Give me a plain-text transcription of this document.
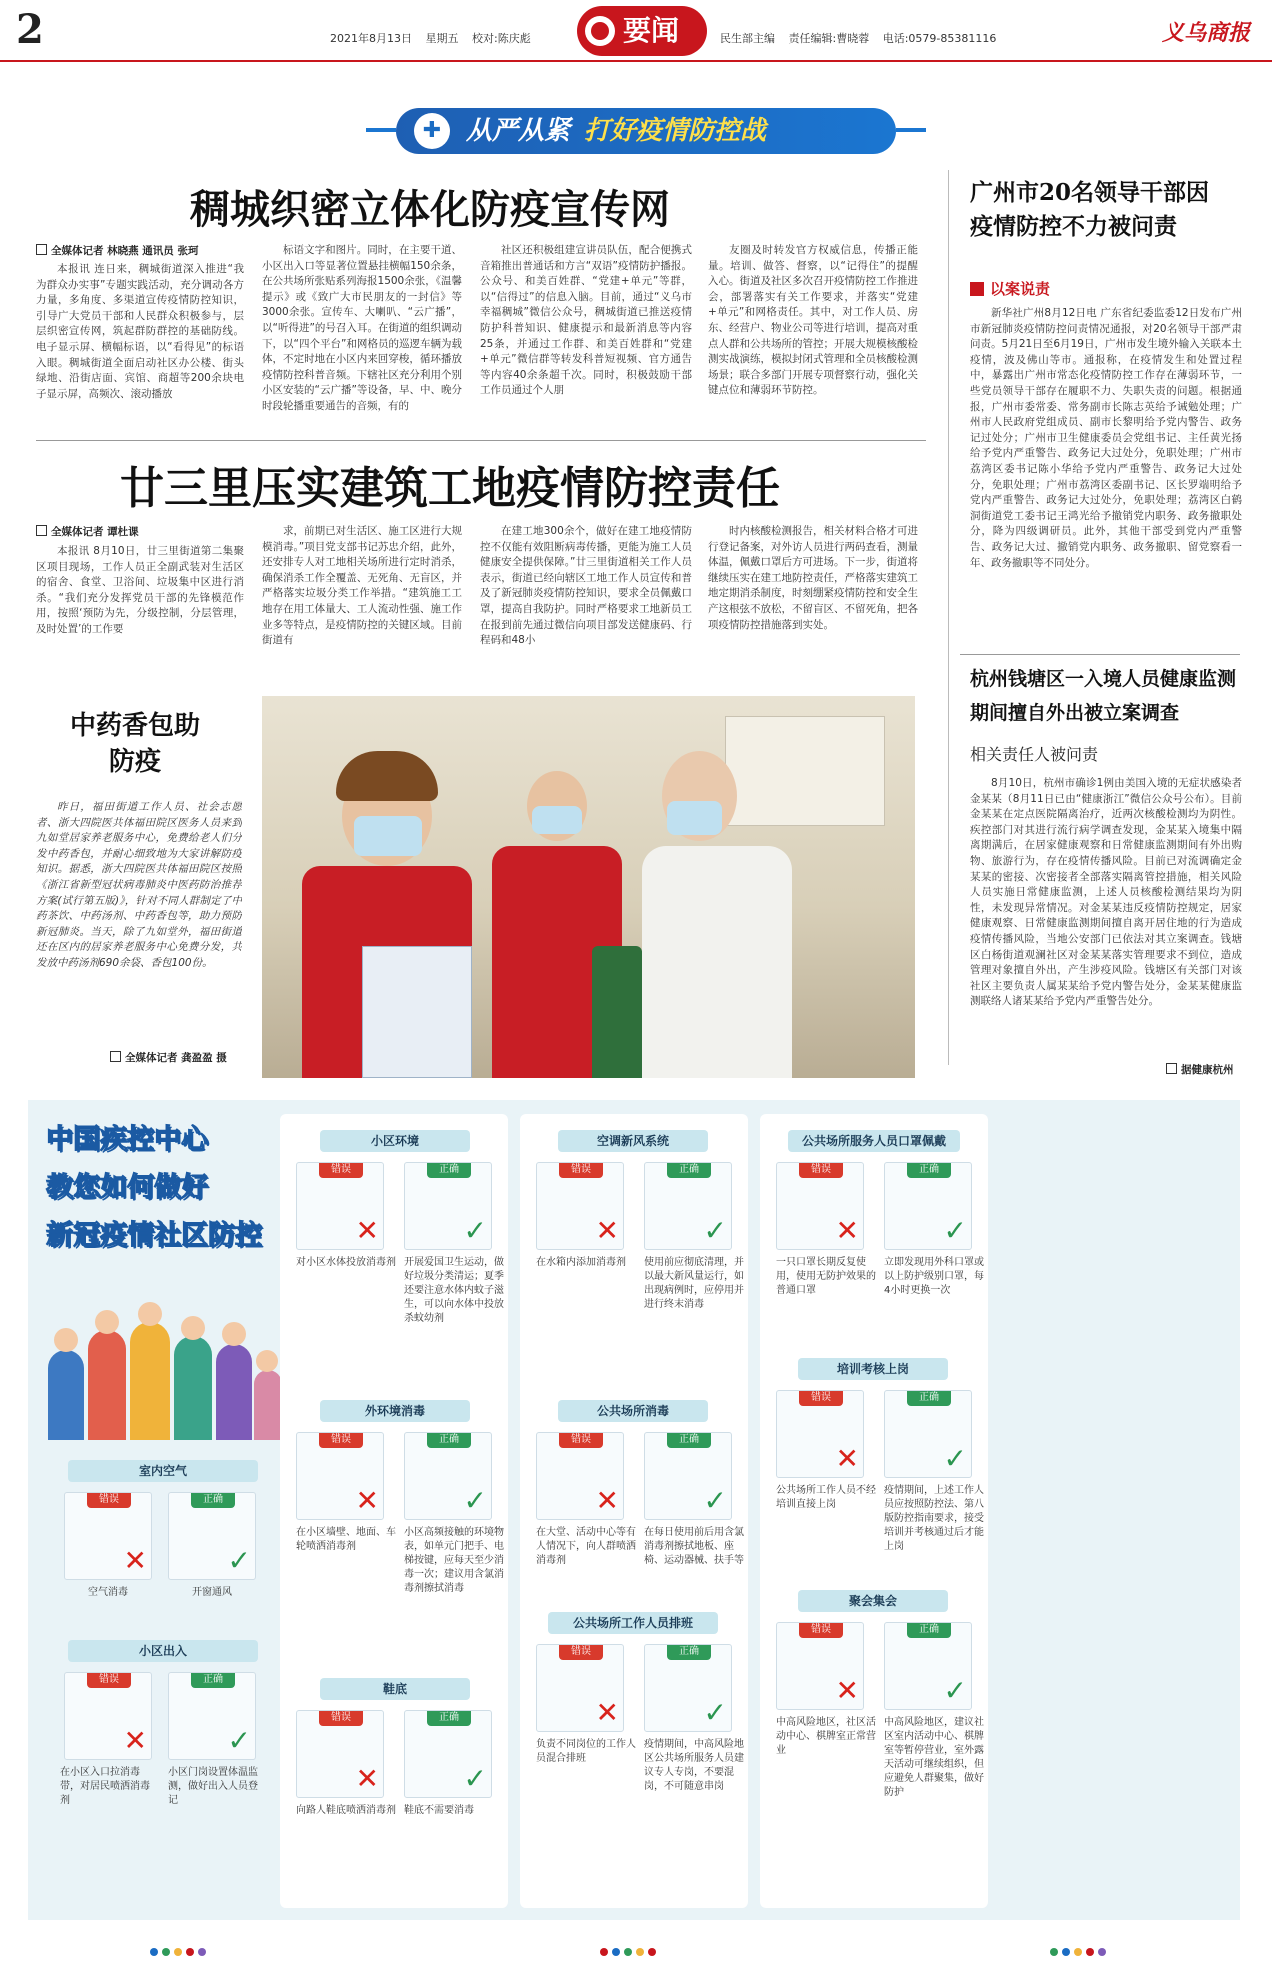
2	2021年8月13日 星期五 校对:陈庆彪	要闻	民生部主编 责任编辑:曹晓蓉 电话:0579-85381116	义乌商报
✚ 从严从紧 打好疫情防控战
稠城织密立体化防疫宣传网
全媒体记者 林晓燕 通讯员 张珂

本报讯 连日来，稠城街道深入推进“我为群众办实事”专题实践活动，充分调动各方力量，多角度、多渠道宣传疫情防控知识，引导广大党员干部和人民群众积极参与，层层织密宣传网，筑起群防群控的基础防线。电子显示屏、横幅标语，以“看得见”的标语入眼。稠城街道全面启动社区办公楼、街头绿地、沿街店面、宾馆、商超等200余块电子显示屏，高频次、滚动播放

标语文字和图片。同时，在主要干道、小区出入口等显著位置悬挂横幅150余条，在公共场所张贴系列海报1500余张，《温馨提示》或《致广大市民朋友的一封信》等3000余张。宣传车、大喇叭、“云广播”，以“听得进”的号召入耳。在街道的组织调动下，以“四个平台”和网格员的巡逻车辆为载体，不定时地在小区内来回穿梭，循环播放疫情防控科普音频。下辖社区充分利用个别小区安装的“云广播”等设备，早、中、晚分时段轮播重要通告的音频，有的

社区还积极组建宣讲员队伍，配合便携式音箱推出普通话和方言“双语”疫情防护播报。公众号、和美百姓群、“党建+单元”等群，以“信得过”的信息入脑。目前，通过“义乌市幸福稠城”微信公众号，稠城街道已推送疫情防护科普知识、健康提示和最新消息等内容25条，并通过工作群、和美百姓群和“党建+单元”微信群等转发科普短视频、官方通告等内容40余条超千次。同时，积极鼓励干部工作员通过个人朋

友圈及时转发官方权威信息，传播正能量。培训、做答、督察，以“记得住”的提醒入心。街道及社区多次召开疫情防控工作推进会，部署落实有关工作要求，并落实“党建+单元”和网格责任。其中，对工作人员、房东、经营户、物业公司等进行培训，提高对重点人群和公共场所的管控；开展大规模核酸检测实战演练，模拟封闭式管理和全员核酸检测场景；联合多部门开展专项督察行动，强化关键点位和薄弱环节防控。

廿三里压实建筑工地疫情防控责任
全媒体记者 谭杜课

本报讯 8月10日，廿三里街道第二集聚区项目现场，工作人员正全副武装对生活区的宿舍、食堂、卫浴间、垃圾集中区进行消杀。“我们充分发挥党员干部的先锋模范作用，按照‘预防为先，分级控制，分层管理，及时处置’的工作要

求，前期已对生活区、施工区进行大规模消毒。”项目党支部书记苏忠介绍，此外，还安排专人对工地相关场所进行定时消杀，确保消杀工作全覆盖、无死角、无盲区，并严格落实垃圾分类工作举措。“建筑施工工地存在用工体量大、工人流动性强、施工作业多等特点，是疫情防控的关键区域。目前街道有

在建工地300余个，做好在建工地疫情防控不仅能有效阻断病毒传播，更能为施工人员健康安全提供保障。”廿三里街道相关工作人员表示，街道已经向辖区工地工作人员宣传和普及了新冠肺炎疫情防控知识，要求全员佩戴口罩，提高自我防护。同时严格要求工地新员工在报到前先通过微信向项目部发送健康码、行程码和48小

时内核酸检测报告，相关材料合格才可进行登记备案，对外访人员进行两码查看，测量体温，佩戴口罩后方可进场。下一步，街道将继续压实在建工地防控责任，严格落实建筑工地定期消杀制度，时刻绷紧疫情防控和安全生产这根弦不放松，不留盲区、不留死角，把各项疫情防控措施落到实处。

中药香包助防疫

昨日，福田街道工作人员、社会志愿者、浙大四院医共体福田院区医务人员来到九如堂居家养老服务中心，免费给老人们分发中药香包，并耐心细致地为大家讲解防疫知识。据悉，浙大四院医共体福田院区按照《浙江省新型冠状病毒肺炎中医药防治推荐方案(试行第五版)》，针对不同人群制定了中药茶饮、中药汤剂、中药香包等，助力预防新冠肺炎。当天，除了九如堂外，福田街道还在区内的居家养老服务中心免费分发，共发放中药汤剂690余袋、香包100份。

全媒体记者 龚盈盈 摄
广州市20名领导干部因疫情防控不力被问责
以案说责

新华社广州8月12日电 广东省纪委监委12日发布广州市新冠肺炎疫情防控问责情况通报，对20名领导干部严肃问责。5月21日至6月19日，广州市发生境外输入关联本土疫情，波及佛山等市。通报称，在疫情发生和处置过程中，暴露出广州市常态化疫情防控工作存在薄弱环节，一些党员领导干部存在履职不力、失职失责的问题。根据通报，广州市委常委、常务副市长陈志英给予诫勉处理；广州市人民政府党组成员、副市长黎明给予党内警告、政务记过处分；广州市卫生健康委员会党组书记、主任黄光扬给予党内严重警告、政务记大过处分，免职处理；广州市荔湾区委书记陈小华给予党内严重警告、政务记大过处分，免职处理；广州市荔湾区委副书记、区长罗端明给予党内严重警告、政务记大过处分，免职处理；荔湾区白鹤洞街道党工委书记王鸿光给予撤销党内职务、政务撤职处分，降为四级调研员。此外，其他干部受到党内严重警告、政务记大过、撤销党内职务、政务撤职、留党察看一年、政务撤职等不同处分。

杭州钱塘区一入境人员健康监测期间擅自外出被立案调查
相关责任人被问责

8月10日，杭州市确诊1例由美国入境的无症状感染者金某某（8月11日已由“健康浙江”微信公众号公布）。目前金某某在定点医院隔离治疗，近两次核酸检测均为阴性。疾控部门对其进行流行病学调查发现，金某某入境集中隔离期满后，在居家健康观察和日常健康监测期间有外出购物、旅游行为，存在疫情传播风险。目前已对流调确定金某某的密接、次密接者全部落实隔离管控措施，相关风险人员实施日常健康监测，上述人员核酸检测结果均为阴性，未发现异常情况。对金某某违反疫情防控规定，居家健康观察、日常健康监测期间擅自离开居住地的行为造成疫情传播风险，当地公安部门已依法对其立案调查。钱塘区白杨街道观澜社区对金某某落实管理要求不到位，造成管理对象擅自外出，产生涉疫风险。钱塘区有关部门对该社区主要负责人属某某给予党内警告处分，金某某健康监测联络人诸某某给予党内严重警告处分。

据健康杭州
中国疾控中心
教您如何做好
新冠疫情社区防控
室内空气
错误
✕
正确
✓
空气消毒	开窗通风
小区出入
错误
✕
正确
✓
在小区入口拉消毒带，对居民喷洒消毒剂
小区门岗设置体温监测，做好出入人员登记
小区环境
错误
✕
正确
✓
对小区水体投放消毒剂 开展爱国卫生运动，做好垃圾分类清运；夏季还要注意水体内蚊子滋生，可以向水体中投放杀蚊幼剂
外环境消毒
错误
✕
正确
✓
在小区墙壁、地面、车轮喷洒消毒剂
小区高频接触的环境物表，如单元门把手、电梯按键，应每天至少消毒一次；建议用含氯消毒剂擦拭消毒
鞋底
错误
✕
正确
✓
向路人鞋底喷洒消毒剂 鞋底不需要消毒
空调新风系统
错误
✕
正确
✓
在水箱内添加消毒剂	使用前应彻底清理，并以最大新风量运行，如出现病例时，应停用并进行终末消毒
公共场所消毒
错误
✕
正确
✓
在大堂、活动中心等有人情况下，向人群喷洒消毒剂
在每日使用前后用含氯消毒剂擦拭地板、座椅、运动器械、扶手等
公共场所工作人员排班
错误
✕
正确
✓
负责不同岗位的工作人员混合排班
疫情期间，中高风险地区公共场所服务人员建议专人专岗，不要混岗，不可随意串岗
公共场所服务人员口罩佩戴
错误
✕
正确
✓
一只口罩长期反复使用，使用无防护效果的普通口罩
立即发现用外科口罩或以上防护级别口罩，每4小时更换一次
培训考核上岗
错误
✕
正确
✓
公共场所工作人员不经培训直接上岗
疫情期间，上述工作人员应按照防控法、第八版防控指南要求，接受培训并考核通过后才能上岗
聚会集会
错误
✕
正确
✓
中高风险地区，社区活动中心、棋牌室正常营业
中高风险地区，建议社区室内活动中心、棋牌室等暂停营业，室外露天活动可继续组织，但应避免人群聚集，做好防护
